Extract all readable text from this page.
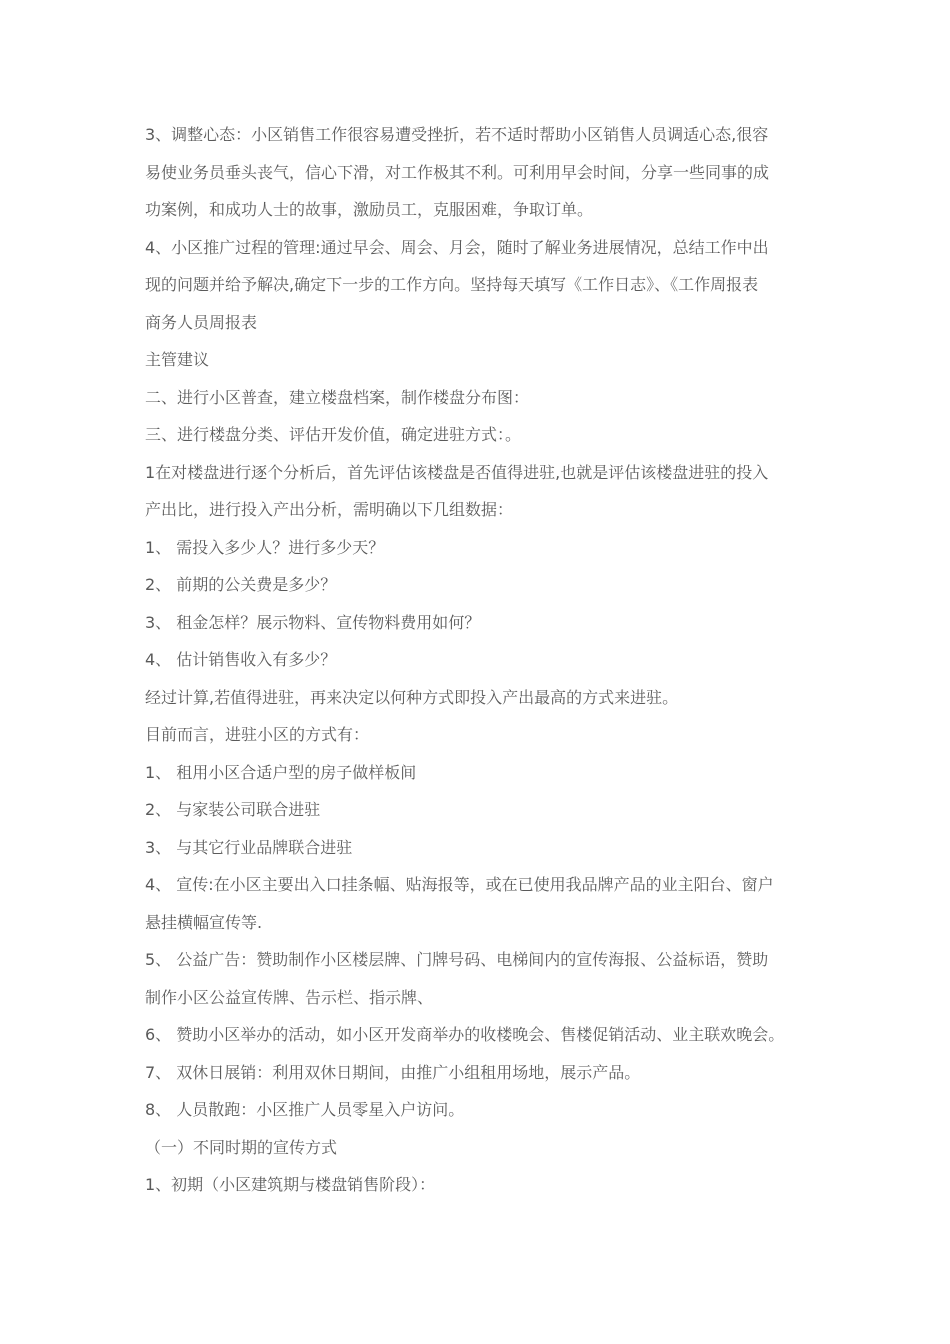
3、调整心态：小区销售工作很容易遭受挫折，若不适时帮助小区销售人员调适心态,很容
易使业务员垂头丧气，信心下滑，对工作极其不利。可利用早会时间，分享一些同事的成
功案例，和成功人士的故事，激励员工，克服困难，争取订单。
4、小区推广过程的管理:通过早会、周会、月会，随时了解业务进展情况，总结工作中出
现的问题并给予解决,确定下一步的工作方向。坚持每天填写《工作日志》、《工作周报表
商务人员周报表
主管建议
二、进行小区普查，建立楼盘档案，制作楼盘分布图：
三、进行楼盘分类、评估开发价值，确定进驻方式：。
1在对楼盘进行逐个分析后，首先评估该楼盘是否值得进驻,也就是评估该楼盘进驻的投入
产出比，进行投入产出分析，需明确以下几组数据：
1、 需投入多少人？进行多少天？
2、 前期的公关费是多少？
3、 租金怎样？展示物料、宣传物料费用如何？
4、 估计销售收入有多少？
经过计算,若值得进驻，再来决定以何种方式即投入产出最高的方式来进驻。
目前而言，进驻小区的方式有：
1、 租用小区合适户型的房子做样板间
2、 与家装公司联合进驻
3、 与其它行业品牌联合进驻
4、 宣传:在小区主要出入口挂条幅、贴海报等，或在已使用我品牌产品的业主阳台、窗户
悬挂横幅宣传等.
5、 公益广告：赞助制作小区楼层牌、门牌号码、电梯间内的宣传海报、公益标语，赞助
制作小区公益宣传牌、告示栏、指示牌、
6、 赞助小区举办的活动，如小区开发商举办的收楼晚会、售楼促销活动、业主联欢晚会。
7、 双休日展销：利用双休日期间，由推广小组租用场地，展示产品。
8、 人员散跑：小区推广人员零星入户访问。
（一）不同时期的宣传方式
1、初期（小区建筑期与楼盘销售阶段）：
